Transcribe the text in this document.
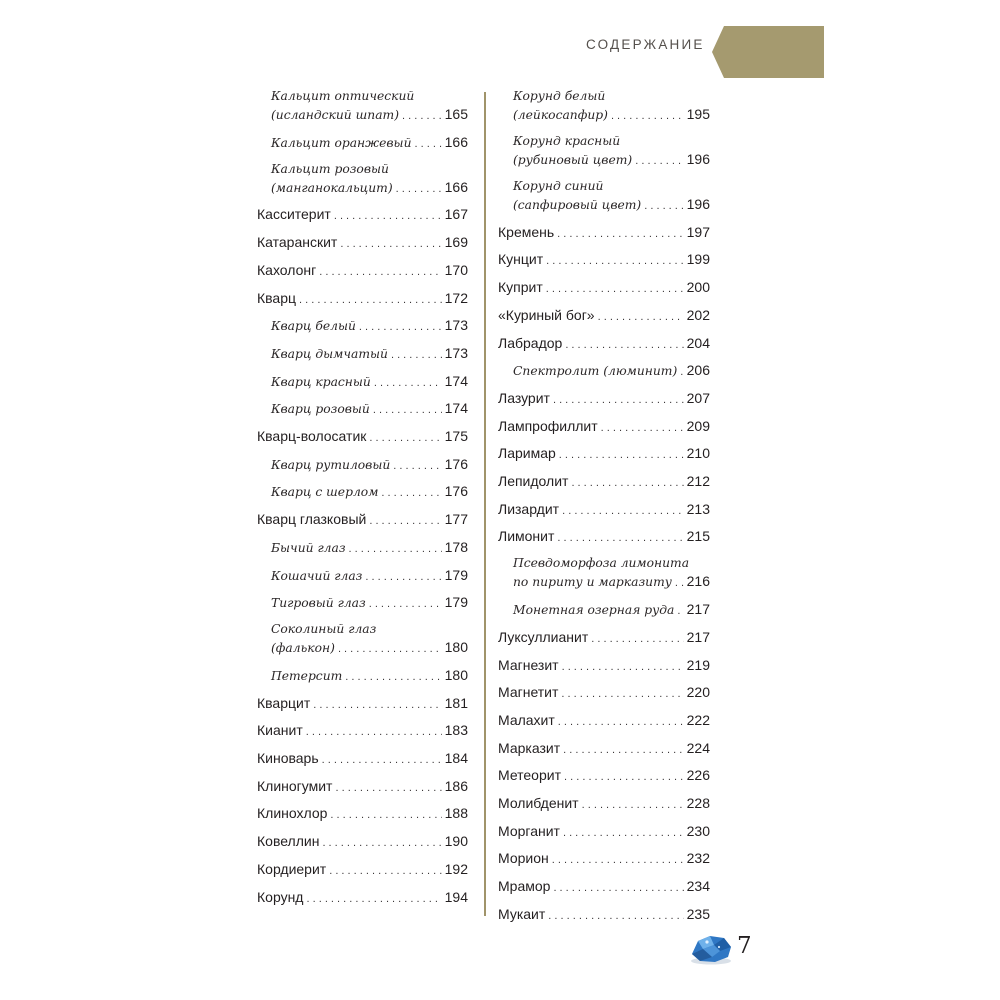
СОДЕРЖАНИЕ
Кальцит оптический
(исландский шпат) . . .	165
Кальцит оранжевый . . . 166
Кальцит розовый
(манганокальцит) . . .	166
Касситерит . . .	167
Катаранскит . . .	169
Кахолонг . . .	170
Кварц . . .	172
Кварц белый . . .	173
Кварц дымчатый . . .	173
Кварц красный . . .	174
Кварц розовый . . .	174
Кварц-волосатик . . .	175
Кварц рутиловый . . .	176
Кварц с шерлом . . .	176
Кварц глазковый . . .	177
Бычий глаз . . .	178
Кошачий глаз . . .	179
Тигровый глаз . . .	179
Соколиный глаз
(фалькон) . . .	180
Петерсит . . .	180
Кварцит . . .	181
Кианит . . .	183
Киноварь . . .	184
Клиногумит . . .	186
Клинохлор . . .	188
Ковеллин . . .	190
Кордиерит . . .	192
Корунд . . .	194
Корунд белый
(лейкосапфир) . . .	195
Корунд красный
(рубиновый цвет) . . .	196
Корунд синий
(сапфировый цвет) . . .	196
Кремень . . .	197
Кунцит . . .	199
Куприт . . .	200
«Куриный бог» . . .	202
Лабрадор . . .	204
Спектролит (люминит) . . . 206
Лазурит . . .	207
Лампрофиллит . . .	209
Ларимар . . .	210
Лепидолит . . .	212
Лизардит . . .	213
Лимонит . . .	215
Псевдоморфоза лимонита
по пириту и марказиту . . . 216
Монетная озерная руда . . . 217
Луксуллианит . . .	217
Магнезит . . .	219
Магнетит . . .	220
Малахит . . .	222
Марказит . . .	224
Метеорит . . .	226
Молибденит . . .	228
Морганит . . .	230
Морион . . .	232
Мрамор . . .	234
Мукаит . . .	235
7
